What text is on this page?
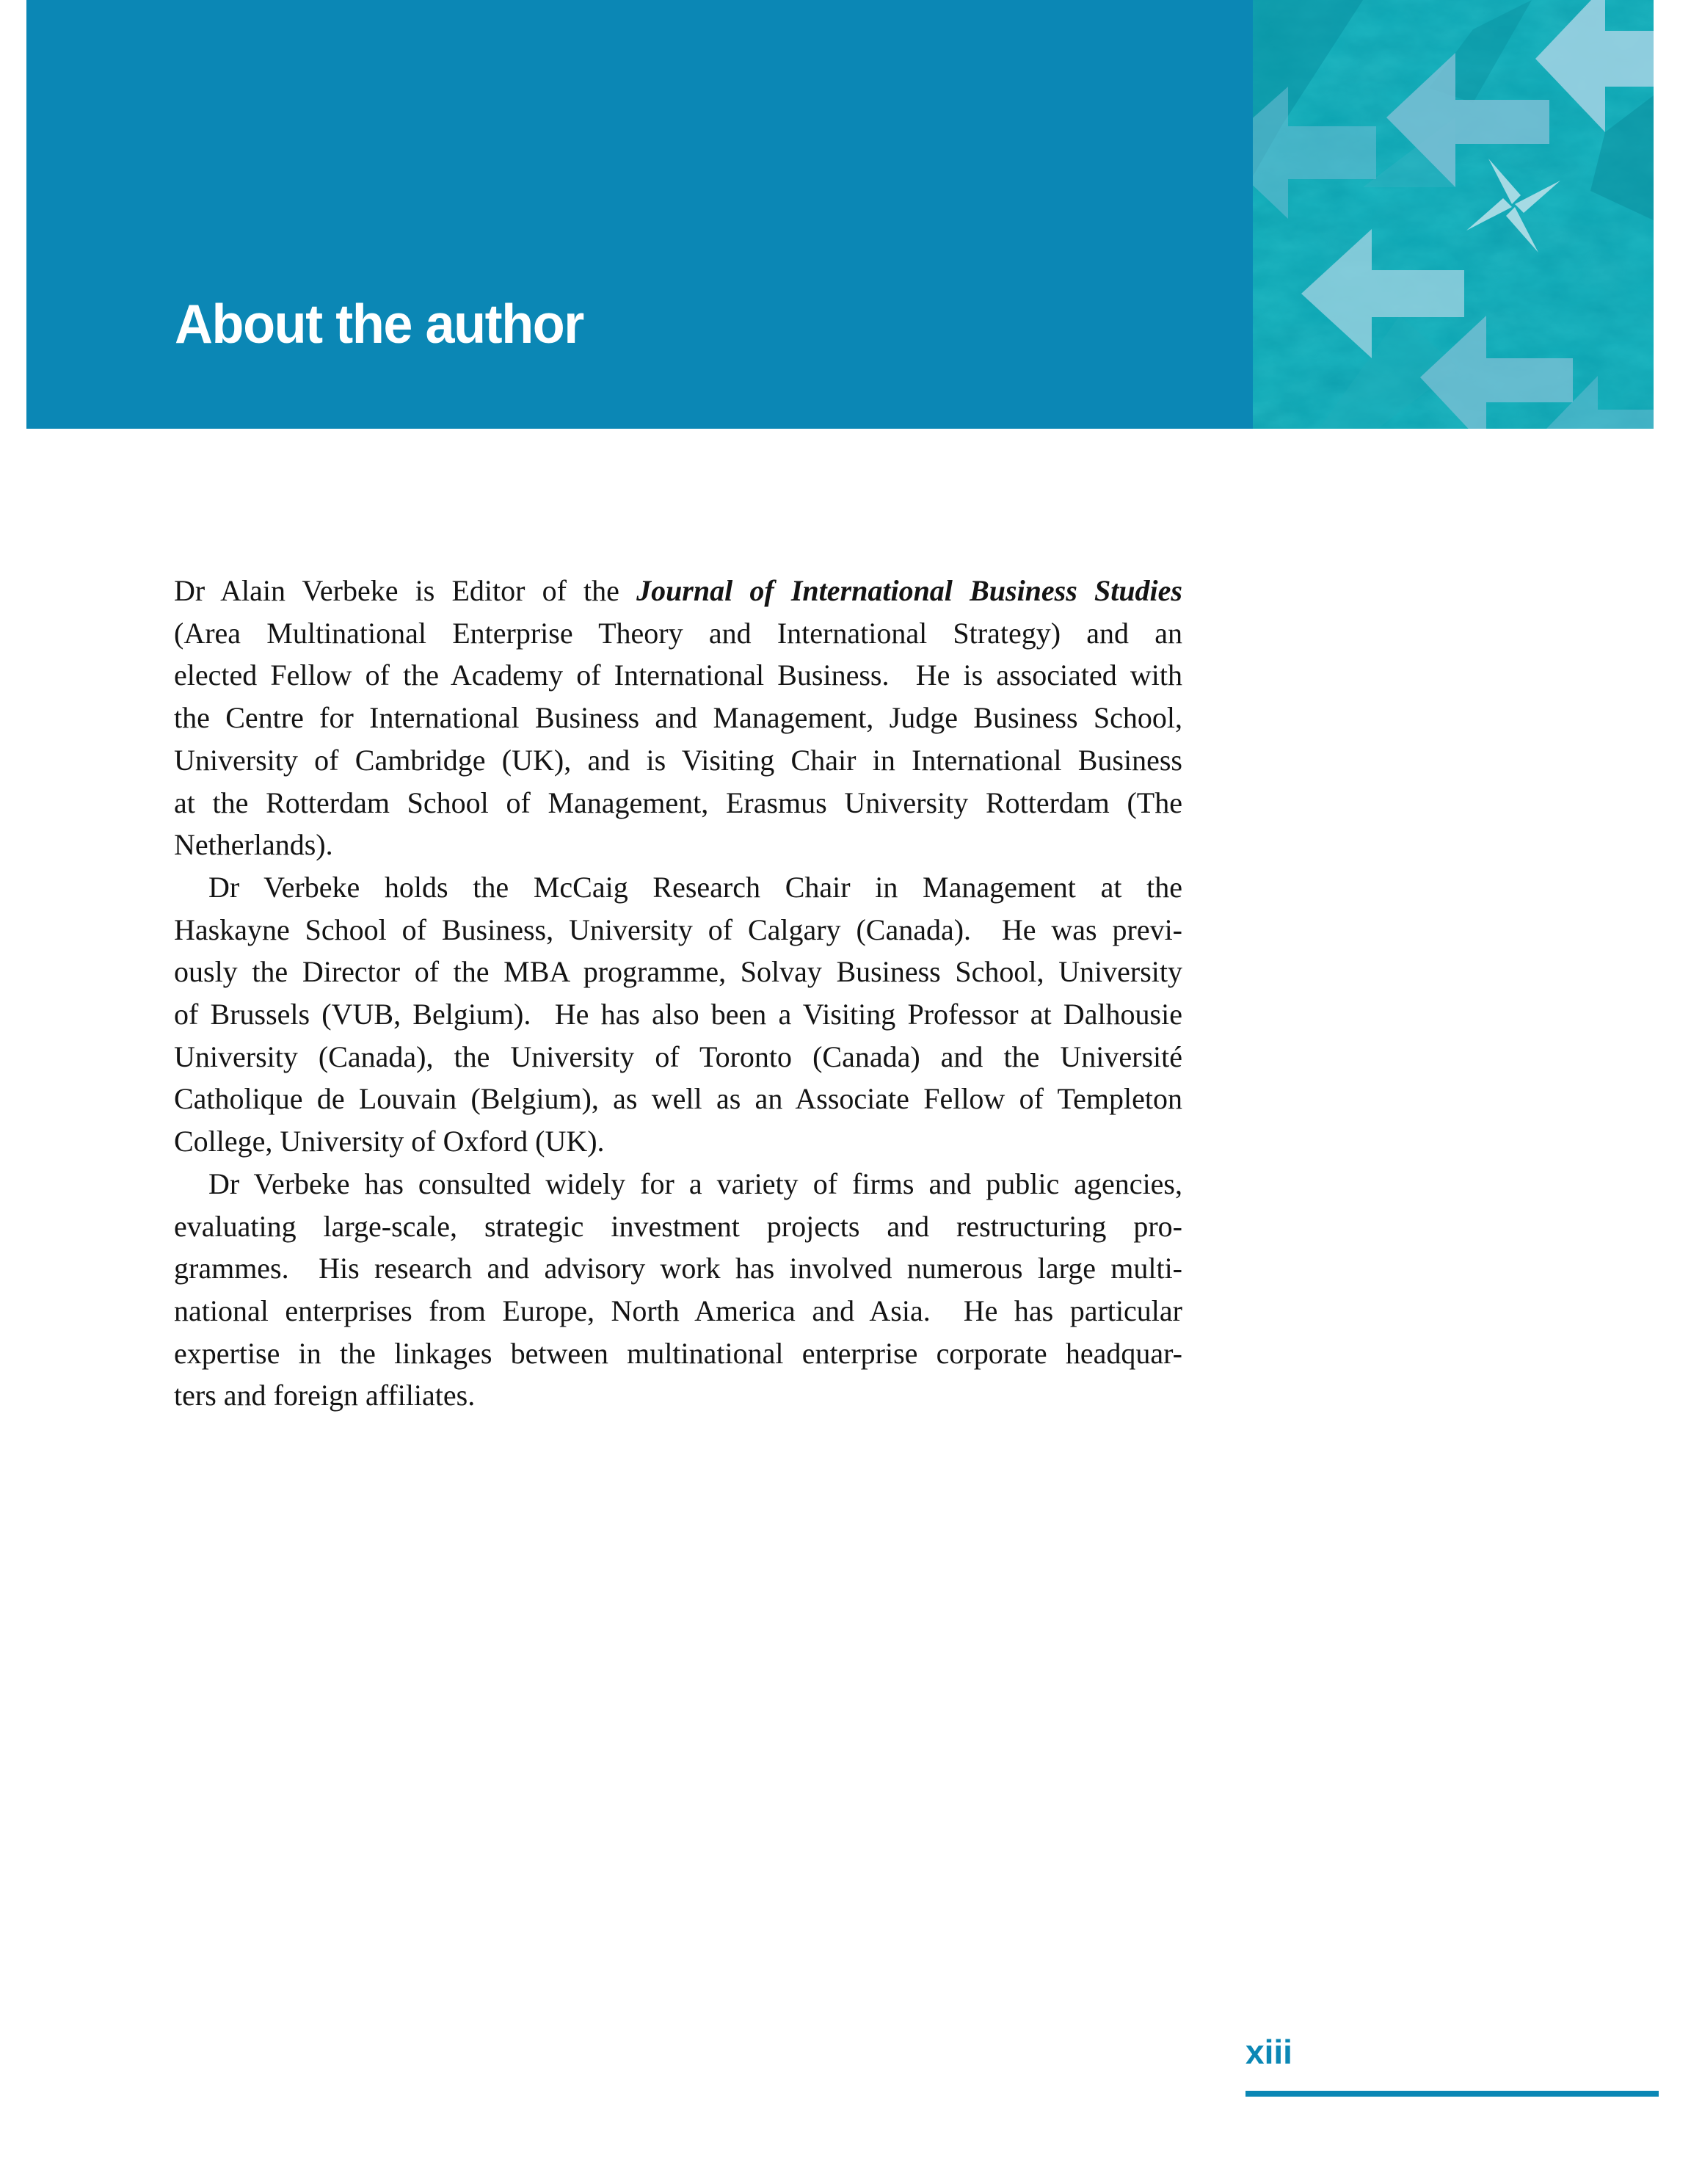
About the author
Dr Alain Verbeke is Editor of the Journal of International Business Studies
(Area Multinational Enterprise Theory and International Strategy) and an
elected Fellow of the Academy of International Business.  He is associated with
the Centre for International Business and Management, Judge Business School,
University of Cambridge (UK), and is Visiting Chair in International Business
at the Rotterdam School of Management, Erasmus University Rotterdam (The
Netherlands).
Dr Verbeke holds the McCaig Research Chair in Management at the
Haskayne School of Business, University of Calgary (Canada).  He was previ-
ously the Director of the MBA programme, Solvay Business School, University
of Brussels (VUB, Belgium).  He has also been a Visiting Professor at Dalhousie
University (Canada), the University of Toronto (Canada) and the Université
Catholique de Louvain (Belgium), as well as an Associate Fellow of Templeton
College, University of Oxford (UK).
Dr Verbeke has consulted widely for a variety of firms and public agencies,
evaluating large-scale, strategic investment projects and restructuring pro-
grammes.  His research and advisory work has involved numerous large multi-
national enterprises from Europe, North America and Asia.  He has particular
expertise in the linkages between multinational enterprise corporate headquar-
ters and foreign affiliates.
xiii
